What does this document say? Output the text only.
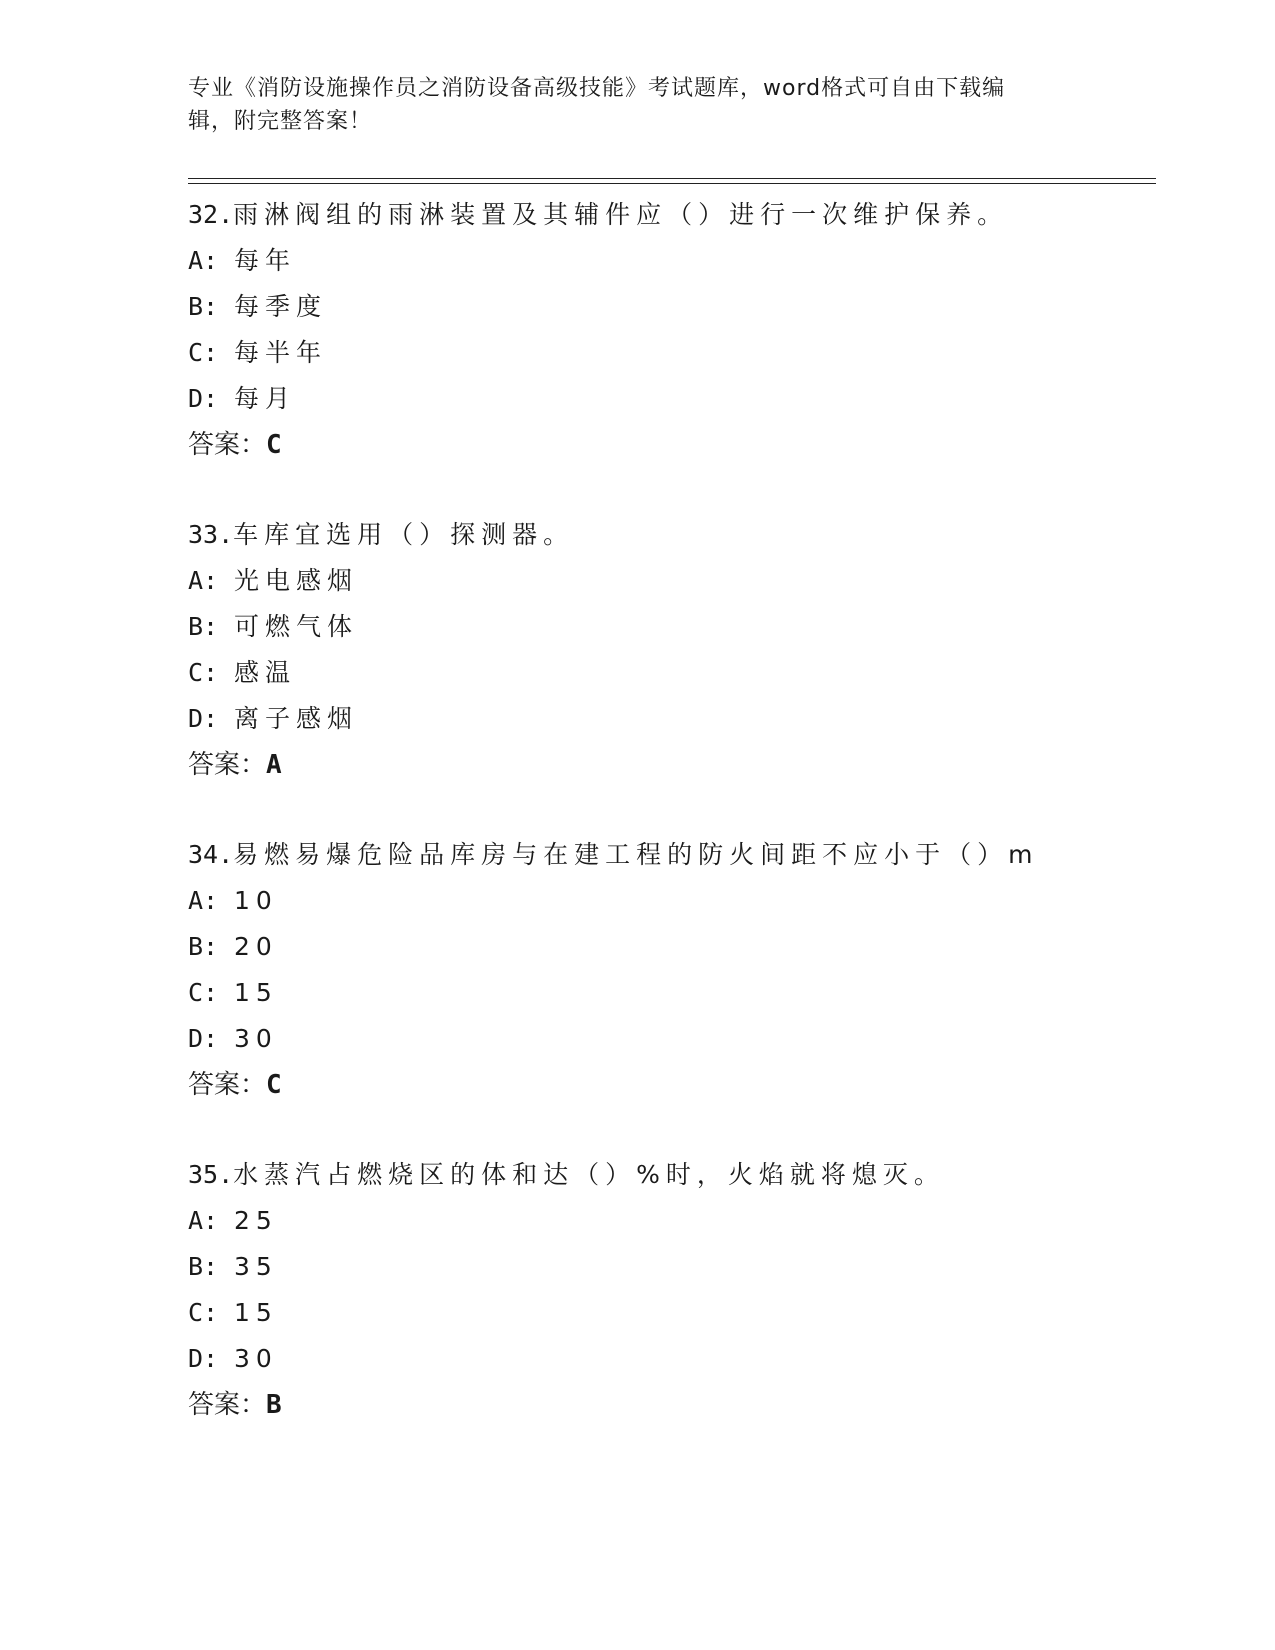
专业《消防设施操作员之消防设备高级技能》考试题库，word格式可自由下载编
辑，附完整答案！
32.雨淋阀组的雨淋装置及其辅件应（）进行一次维护保养。
A: 每年
B: 每季度
C: 每半年
D: 每月
答案：C
33.车库宜选用（）探测器。
A: 光电感烟
B: 可燃气体
C: 感温
D: 离子感烟
答案：A
34.易燃易爆危险品库房与在建工程的防火间距不应小于（）m
A: 10
B: 20
C: 15
D: 30
答案：C
35.水蒸汽占燃烧区的体和达（）%时，火焰就将熄灭。
A: 25
B: 35
C: 15
D: 30
答案：B
